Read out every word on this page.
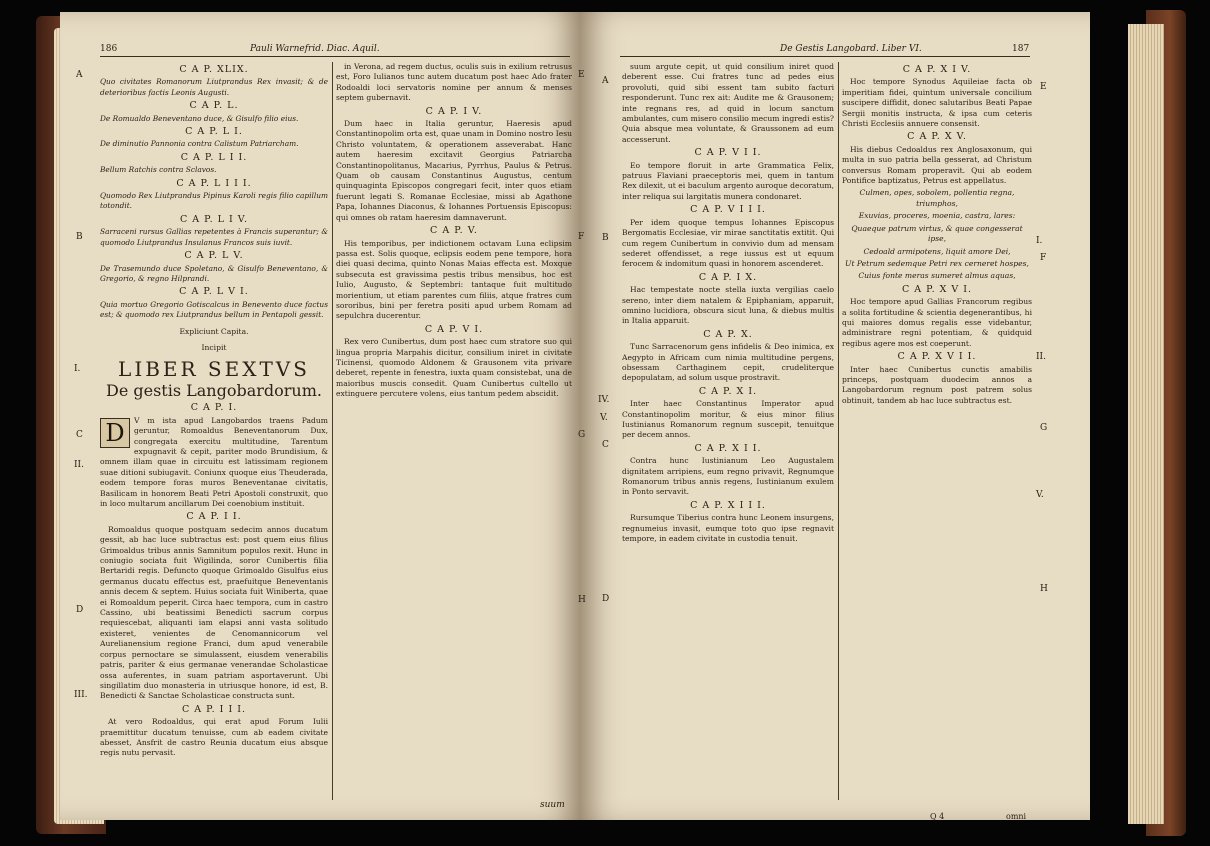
186	Pauli Warnefrid. Diac. Aquil.	De Gestis Langobard. Liber VI.	187
A
B
C
D
I.
II.
III.
E
F
G
H
A
B
C
D
IV.
V.
E
F
G
H
I.
II.
V.

C A P. XLIX.

Quo civitates Romanorum Liutprandus Rex invasit; & de deterioribus factis Leonis Augusti.

C A P. L.

De Romualdo Beneventano duce, & Gisulfo filio eius.

C A P. L I.

De diminutio Pannonia contra Calistum Patriarcham.

C A P. L I I.

Bellum Ratchis contra Sclavos.

C A P. L I I I.

Quomodo Rex Liutprandus Pipinus Karoli regis filio capillum totondit.

C A P. L I V.

Sarraceni rursus Gallias repetentes à Francis superantur; & quomodo Liutprandus Insulanus Francos suis iuvit.

C A P. L V.

De Trasemundo duce Spoletano, & Gisulfo Beneventano, & Gregorio, & regno Hilprandi.

C A P. L V I.

Quia mortuo Gregorio Gotiscalcus in Benevento duce factus est; & quomodo rex Liutprandus bellum in Pentapoli gessit.

Expliciunt Capita.

Incipit

LIBER SEXTVS

De gestis Langobardorum.

C A P. I.

D	V m ista apud Langobardos traens Padum geruntur, Romoaldus Beneventanorum Dux, congregata exercitu multitudine, Tarentum expugnavit & cepit, pariter modo Brundisium, & omnem illam quae in circuitu est latissimam regionem suae ditioni subiugavit. Coniunx quoque eius Theuderada, eodem tempore foras muros Beneventanae civitatis, Basilicam in honorem Beati Petri Apostoli construxit, quo in loco multarum ancillarum Dei coenobium instituit.

C A P. I I.

Romoaldus quoque postquam sedecim annos ducatum gessit, ab hac luce subtractus est: post quem eius filius Grimoaldus tribus annis Samnitum populos rexit. Hunc in coniugio sociata fuit Wigilinda, soror Cunibertis filia Bertaridi regis. Defuncto quoque Grimoaldo Gisulfus eius germanus ducatu effectus est, praefuitque Beneventanis annis decem & septem. Huius sociata fuit Winiberta, quae ei Romoaldum peperit. Circa haec tempora, cum in castro Cassino, ubi beatissimi Benedicti sacrum corpus requiescebat, aliquanti iam elapsi anni vasta solitudo existeret, venientes de Cenomannicorum vel Aurelianensium regione Franci, dum apud venerabile corpus pernoctare se simulassent, eiusdem venerabilis patris, pariter & eius germanae venerandae Scholasticae ossa auferentes, in suam patriam asportaverunt. Ubi singillatim duo monasteria in utriusque honore, id est, B. Benedicti & Sanctae Scholasticae constructa sunt.

C A P. I I I.

At vero Rodoaldus, qui erat apud Forum Iulii praemittitur ducatum tenuisse, cum ab eadem civitate abesset, Ansfrit de castro Reunia ducatum eius absque regis nutu pervasit.

in Verona, ad regem ductus, oculis suis in exilium retrusus est, Foro Iulianos tunc autem ducatum post haec Ado frater Rodoaldi loci servatoris nomine per annum & menses septem gubernavit.

C A P. I V.

Dum haec in Italia geruntur, Haeresis apud Constantinopolim orta est, quae unam in Domino nostro Iesu Christo voluntatem, & operationem asseverabat. Hanc autem haeresim excitavit Georgius Patriarcha Constantinopolitanus, Macarius, Pyrrhus, Paulus & Petrus. Quam ob causam Constantinus Augustus, centum quinquaginta Episcopos congregari fecit, inter quos etiam fuerunt legati S. Romanae Ecclesiae, missi ab Agathone Papa, Iohannes Diaconus, & Iohannes Portuensis Episcopus: qui omnes ob ratam haeresim damnaverunt.

C A P. V.

His temporibus, per indictionem octavam Luna eclipsim passa est. Solis quoque, eclipsis eodem pene tempore, hora diei quasi decima, quinto Nonas Maias effecta est. Moxque subsecuta est gravissima pestis tribus mensibus, hoc est Iulio, Augusto, & Septembri: tantaque fuit multitudo morientium, ut etiam parentes cum filiis, atque fratres cum sororibus, bini per feretra positi apud urbem Romam ad sepulchra ducerentur.

C A P. V I.

Rex vero Cunibertus, dum post haec cum stratore suo qui lingua propria Marpahis dicitur, consilium iniret in civitate Ticinensi, quomodo Aldonem & Grausonem vita privare deberet, repente in fenestra, iuxta quam consistebat, una de maioribus muscis consedit. Quam Cunibertus cultello ut extinguere percutere volens, eius tantum pedem abscidit.

suum

suum argute cepit, ut quid consilium iniret quod deberent esse. Cui fratres tunc ad pedes eius provoluti, quid sibi essent tam subito facturi responderunt. Tunc rex ait: Audite me & Grausonem; inte regnans res, ad quid in locum sanctum ambulantes, cum misero consilio mecum ingredi estis? Quia absque mea voluntate, & Graussonem ad eum accesserunt.

C A P. V I I.

Eo tempore floruit in arte Grammatica Felix, patruus Flaviani praeceptoris mei, quem in tantum Rex dilexit, ut ei baculum argento auroque decoratum, inter reliqua sui largitatis munera condonaret.

C A P. V I I I.

Per idem quoque tempus Iohannes Episcopus Bergomatis Ecclesiae, vir mirae sanctitatis extitit. Qui cum regem Cunibertum in convivio dum ad mensam sederet offendisset, a rege iussus est ut equum ferocem & indomitum quasi in honorem ascenderet.

C A P. I X.

Hac tempestate nocte stella iuxta vergilias caelo sereno, inter diem natalem & Epiphaniam, apparuit, omnino lucidiora, obscura sicut luna, & diebus multis in Italia apparuit.

C A P. X.

Tunc Sarracenorum gens infidelis & Deo inimica, ex Aegypto in Africam cum nimia multitudine pergens, obsessam Carthaginem cepit, crudeliterque depopulatam, ad solum usque prostravit.

C A P. X I.

Inter haec Constantinus Imperator apud Constantinopolim moritur, & eius minor filius Iustinianus Romanorum regnum suscepit, tenuitque per decem annos.

C A P. X I I.

Contra hunc Iustinianum Leo Augustalem dignitatem arripiens, eum regno privavit, Regnumque Romanorum tribus annis regens, Iustinianum exulem in Ponto servavit.

C A P. X I I I.

Rursumque Tiberius contra hunc Leonem insurgens, regnumeius invasit, eumque toto quo ipse regnavit tempore, in eadem civitate in custodia tenuit.

C A P. X I V.

Hoc tempore Synodus Aquileiae facta ob imperitiam fidei, quintum universale concilium suscipere diffidit, donec salutaribus Beati Papae Sergii monitis instructa, & ipsa cum ceteris Christi Ecclesiis annuere consensit.

C A P. X V.

His diebus Cedoaldus rex Anglosaxonum, qui multa in suo patria bella gesserat, ad Christum conversus Romam properavit. Qui ab eodem Pontifice baptizatus, Petrus est appellatus.

Culmen, opes, sobolem, pollentia regna, triumphos,

Exuvias, proceres, moenia, castra, lares:

Quaeque patrum virtus, & quae congesserat ipse,

Cedoald armipotens, liquit amore Dei,

Ut Petrum sedemque Petri rex cerneret hospes,

Cuius fonte meras sumeret almus aquas,

C A P. X V I.

Hoc tempore apud Gallias Francorum regibus a solita fortitudine & scientia degenerantibus, hi qui maiores domus regalis esse videbantur, administrare regni potentiam, & quidquid regibus agere mos est coeperunt.

C A P. X V I I.

Inter haec Cunibertus cunctis amabilis princeps, postquam duodecim annos a Langobardorum regnum post patrem solus obtinuit, tandem ab hac luce subtractus est.

Q 4	omni
